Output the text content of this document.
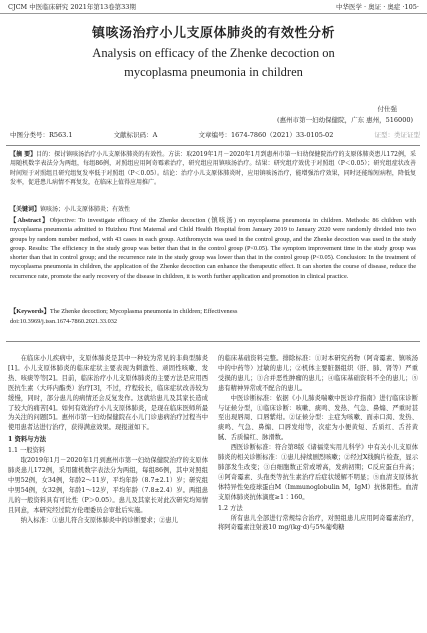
CJCM 中医临床研究 2021年第13卷第33期	中华医学 · 奥证 · 奥症 ·105·
镇咳汤治疗小儿支原体肺炎的有效性分析
Analysis on efficacy of the Zhenke decoction on
mycoplasma pneumonia in children
付仕强
(惠州市第一妇幼保健院，广东 惠州，516000)
中图分类号：R563.1	文献标识码：A	文章编号：1674-7860（2021）33-0105-02	证型：类证证型
【摘 要】目的：探讨镇咳汤治疗小儿支原体肺炎的有效性。方法：取2019年1月－2020年1月到惠州市第一妇幼保健院治疗的支原体肺炎患儿172例，采用随机数字表法分为两组，每组86例，对照组应用阿奇霉素治疗，研究组应用镇咳汤治疗。结果：研究组疗效优于对照组（P＜0.05）；研究组症状改善时间短于对照组且研究组复发率低于对照组（P＜0.05）。结论：治疗小儿支原体肺炎时，应用镇咳汤治疗，能增强治疗效果，同时还能缩短病程，降低复发率，促进患儿病情不再复发，在临床上值得应用推广。
【关键词】镇咳汤；小儿支原体肺炎；有效性
【Abstract】Objective: To investigate efficacy of the Zhenke decoction (镇咳汤) on mycoplasma pneumonia in children. Methods: 86 children with mycoplasma pneumonia admitted to Huizhou First Maternal and Child Health Hospital from January 2019 to January 2020 were randomly divided into two groups by random number method, with 43 cases in each group. Azithromycin was used in the control group, and the Zhenke decoction was used in the study group. Results: The efficiency in the study group was better than that in the control group (P<0.05). The symptom improvement time in the study group was shorter than that in control group; and the recurrence rate in the study group was lower than that in the control group (P<0.05). Conclusion: In the treatment of mycoplasma pneumonia in children, the application of the Zhenke decoction can enhance the therapeutic effect. It can shorten the course of disease, reduce the recurrence rate, promote the early recovery of the disease in children, it is worth further application and promotion in clinical practice.
【Keywords】The Zhenke decoction; Mycoplasma pneumonia in children; Effectiveness
doi:10.3969/j.issn.1674-7860.2021.33.032

在临床小儿疾病中，支原体肺炎是其中一种较为常见的非典型肺炎[1]。小儿支原体肺炎的临床症状主要表现为刺激性、顽固性咳嗽、发热、咳痰等等[2]。目前，临床治疗小儿支原体肺炎的主要方法是应用西医抗生素（大环内酯类）治疗[3]，不过，疗程较长，临床症状改善较为缓慢，同时，部分患儿的病情还会反复发作。这就给患儿及其家长造成了较大的痛苦[4]。如何有效治疗小儿支原体肺炎，是现在临床医师所最为关注的问题[5]。惠州市第一妇幼保健院在小儿门诊患病治疗过程当中使用患者达进行治疗，获得满意效果。现报道如下。

1 资料与方法

1.1 一般资料

取2019年1月－2020年1月到惠州市第一妇幼保健院治疗的支原体肺炎患儿172例，采用随机数字表法分为两组，每组86例，其中对照组中男52例，女34例，年龄2～11岁，平均年龄（8.7±2.1）岁；研究组中男54例，女32例，年龄1～12岁，平均年龄（7.8±2.4）岁。两组患儿的一般资料具有可比性（P＞0.05）。患儿及其家长对此次研究均知情且同意，本研究经过院方伦理委员会审批后实施。

纳入标准：①患儿符合支原体肺炎中的诊断要求；②患儿

的临床基础资料完整。排除标准：①对本研究药物（阿奇霉素、镇咳汤中的中药等）过敏的患儿；②机体主要脏器组织（肝、肺、肾等）严重受损的患儿；③合并恶性肿瘤的患儿；④临床基础资料不全的患儿；⑤患有精神异常或不配合的患儿。

中医诊断标准：依据《小儿肺炎喘嗽中医诊疗指南》进行临床诊断与证候分型，①临床诊断：咳嗽、痰鸣、发热、气急、鼻煽、严重时甚至出现唇周、口唇紫绀。②证候分型：主症为咳嗽、面赤口渴、发热、痰鸣、气急、鼻煽、口唇发绀等，次症为小便黄短、舌质红、舌苔黄腻、舌质偏红、脉滑数。

西医诊断标准：符合第8版《诸福棠实用儿科学》中有关小儿支原体肺炎的相关诊断标准：①患儿持续剧烈咳嗽；②经过X线胸片检查，显示肺部发生改变；③白细胞数正常或增高，发病初期；C反应蛋白升高；④阿奇霉素、头孢类等抗生素治疗后症状缓解不明显；⑤血清支原体抗体特异性免疫球蛋白M（Immunoglobulin M，IgM）抗体阳性。血清支原体肺炎抗体滴度≥1∶160。

1.2 方法

所有患儿全部进行常规综合治疗，对照组患儿应用阿奇霉素治疗，将阿奇霉素注射液10 mg/(kg·d)与5%葡萄糖
